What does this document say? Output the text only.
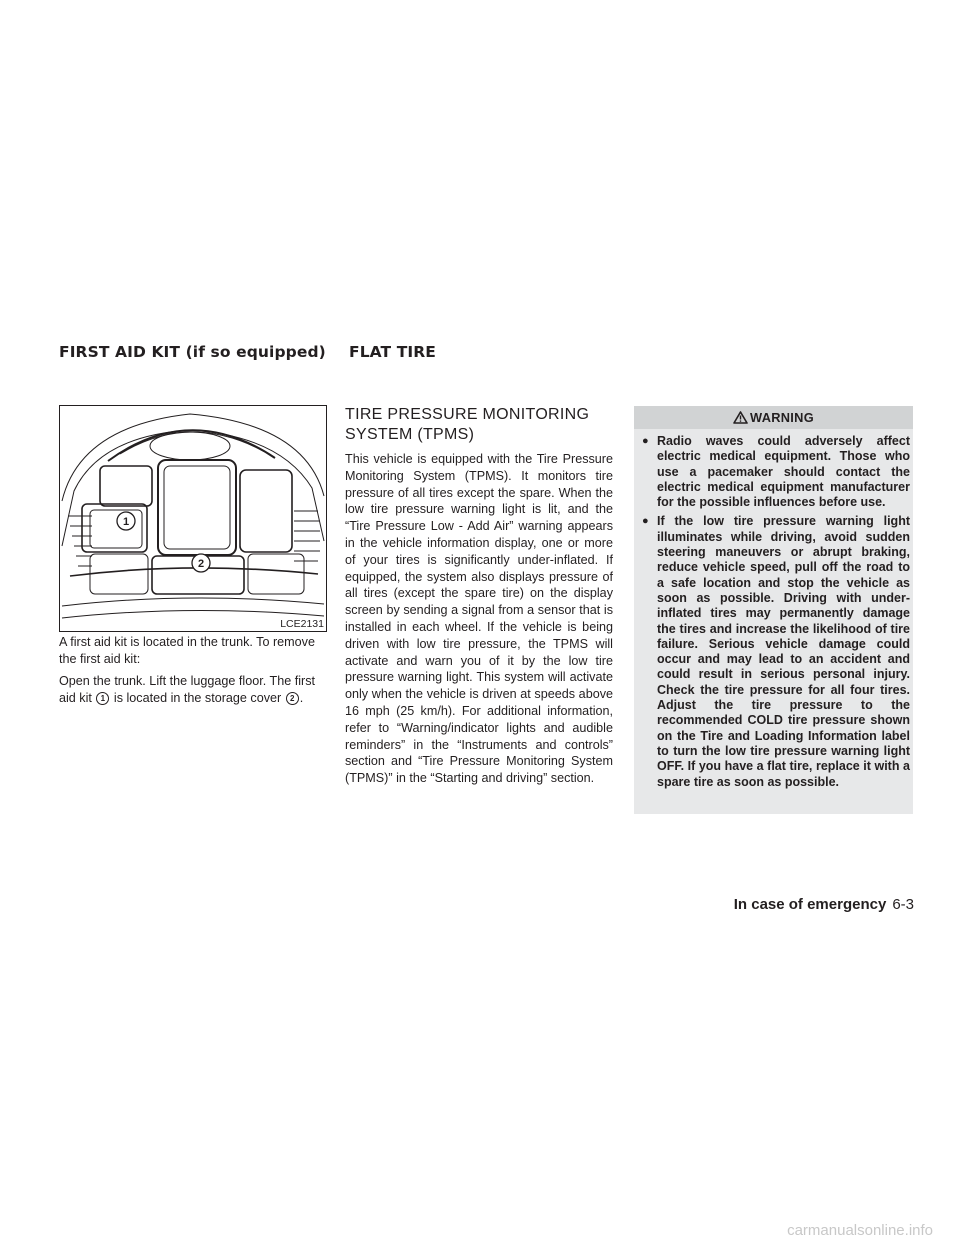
FIRST AID KIT (if so equipped) FLAT TIRE
1
2
LCE2131

A first aid kit is located in the trunk. To remove the first aid kit:

Open the trunk. Lift the luggage floor. The first aid kit 1 is located in the storage cover 2 .

TIRE PRESSURE MONITORING
SYSTEM (TPMS)

This vehicle is equipped with the Tire Pressure Monitoring System (TPMS). It monitors tire pressure of all tires except the spare. When the low tire pressure warning light is lit, and the “Tire Pressure Low - Add Air” warning appears in the vehicle information display, one or more of your tires is significantly under-inflated. If equipped, the system also displays pressure of all tires (except the spare tire) on the display screen by sending a signal from a sensor that is installed in each wheel. If the vehicle is being driven with low tire pressure, the TPMS will activate and warn you of it by the low tire pressure warning light. This system will activate only when the vehicle is driven at speeds above 16 mph (25 km/h). For additional information, refer to “Warning/indicator lights and audible reminders” in the “Instruments and controls” section and “Tire Pressure Monitoring System (TPMS)” in the “Starting and driving” section.

WARNING
● Radio waves could adversely affect electric medical equipment. Those who use a pacemaker should contact the electric medical equipment manufacturer for the possible influences before use.
● If the low tire pressure warning light illuminates while driving, avoid sudden steering maneuvers or abrupt braking, reduce vehicle speed, pull off the road to a safe location and stop the vehicle as soon as possible. Driving with under-inflated tires may permanently damage the tires and increase the likelihood of tire failure. Serious vehicle damage could occur and may lead to an accident and could result in serious personal injury. Check the tire pressure for all four tires. Adjust the tire pressure to the recommended COLD tire pressure shown on the Tire and Loading Information label to turn the low tire pressure warning light OFF. If you have a flat tire, replace it with a spare tire as soon as possible.
In case of emergency 6-3
carmanualsonline.info
